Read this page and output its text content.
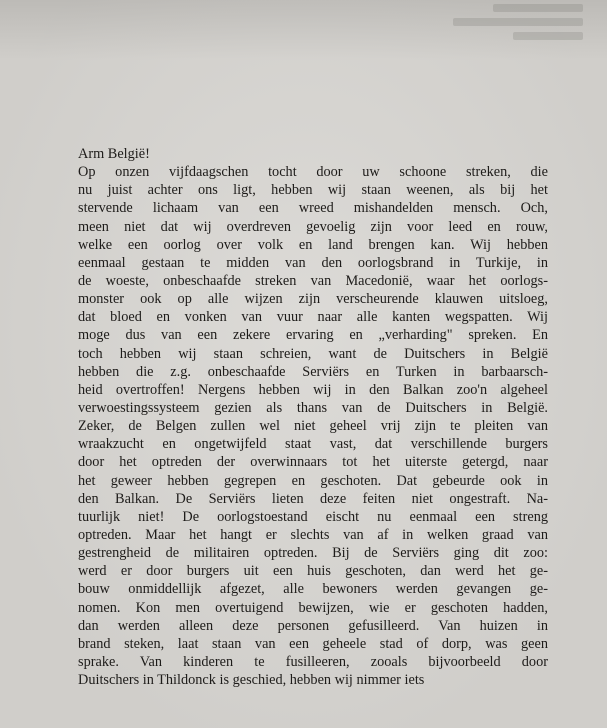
Arm België!
Op onzen vijfdaagschen tocht door uw schoone streken, die
nu juist achter ons ligt, hebben wij staan weenen, als bij het
stervende lichaam van een wreed mishandelden mensch. Och,
meen niet dat wij overdreven gevoelig zijn voor leed en rouw,
welke een oorlog over volk en land brengen kan. Wij hebben
eenmaal gestaan te midden van den oorlogsbrand in Turkije, in
de woeste, onbeschaafde streken van Macedonië, waar het oorlogs-
monster ook op alle wijzen zijn verscheurende klauwen uitsloeg,
dat bloed en vonken van vuur naar alle kanten wegspatten. Wij
moge dus van een zekere ervaring en „verharding" spreken. En
toch hebben wij staan schreien, want de Duitschers in België
hebben die z.g. onbeschaafde Serviërs en Turken in barbaarsch-
heid overtroffen! Nergens hebben wij in den Balkan zoo'n algeheel
verwoestingssysteem gezien als thans van de Duitschers in België.
Zeker, de Belgen zullen wel niet geheel vrij zijn te pleiten van
wraakzucht en ongetwijfeld staat vast, dat verschillende burgers
door het optreden der overwinnaars tot het uiterste getergd, naar
het geweer hebben gegrepen en geschoten. Dat gebeurde ook in
den Balkan. De Serviërs lieten deze feiten niet ongestraft. Na-
tuurlijk niet! De oorlogstoestand eischt nu eenmaal een streng
optreden. Maar het hangt er slechts van af in welken graad van
gestrengheid de militairen optreden. Bij de Serviërs ging dit zoo:
werd er door burgers uit een huis geschoten, dan werd het ge-
bouw onmiddellijk afgezet, alle bewoners werden gevangen ge-
nomen. Kon men overtuigend bewijzen, wie er geschoten hadden,
dan werden alleen deze personen gefusilleerd. Van huizen in
brand steken, laat staan van een geheele stad of dorp, was geen
sprake. Van kinderen te fusilleeren, zooals bijvoorbeeld door
Duitschers in Thildonck is geschied, hebben wij nimmer iets
